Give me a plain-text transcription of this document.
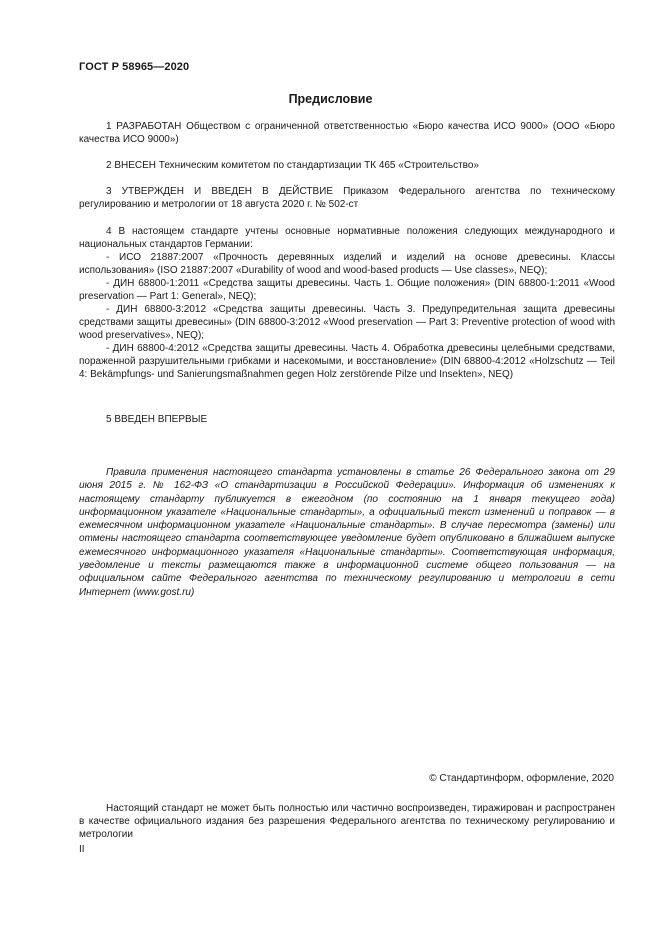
ГОСТ Р 58965—2020
Предисловие
1 РАЗРАБОТАН Обществом с ограниченной ответственностью «Бюро качества ИСО 9000» (ООО «Бюро качества ИСО 9000»)
2 ВНЕСЕН Техническим комитетом по стандартизации ТК 465 «Строительство»
3 УТВЕРЖДЕН И ВВЕДЕН В ДЕЙСТВИЕ Приказом Федерального агентства по техническому регулированию и метрологии от 18 августа 2020 г. № 502-ст

4 В настоящем стандарте учтены основные нормативные положения следующих международного и национальных стандартов Германии:

- ИСО 21887:2007 «Прочность деревянных изделий и изделий на основе древесины. Классы использования» (ISO 21887:2007 «Durability of wood and wood-based products — Use classes», NEQ);

- ДИН 68800-1:2011 «Средства защиты древесины. Часть 1. Общие положения» (DIN 68800-1:2011 «Wood preservation — Part 1: General», NEQ);

- ДИН 68800-3:2012 «Средства защиты древесины. Часть 3. Предупредительная защита древесины средствами защиты древесины» (DIN 68800-3:2012 «Wood preservation — Part 3: Preventive protection of wood with wood preservatives», NEQ);

- ДИН 68800-4:2012 «Средства защиты древесины. Часть 4. Обработка древесины целебными средствами, пораженной разрушительными грибками и насекомыми, и восстановление» (DIN 68800-4:2012 «Holzschutz — Teil 4: Bekämpfungs- und Sanierungsmaßnahmen gegen Holz zerstörende Pilze und Insekten», NEQ)

5 ВВЕДЕН ВПЕРВЫЕ
Правила применения настоящего стандарта установлены в статье 26 Федерального закона от 29 июня 2015 г. № 162-ФЗ «О стандартизации в Российской Федерации». Информация об изменениях к настоящему стандарту публикуется в ежегодном (по состоянию на 1 января текущего года) информационном указателе «Национальные стандарты», а официальный текст изменений и поправок — в ежемесячном информационном указателе «Национальные стандарты». В случае пересмотра (замены) или отмены настоящего стандарта соответствующее уведомление будет опубликовано в ближайшем выпуске ежемесячного информационного указателя «Национальные стандарты». Соответствующая информация, уведомление и тексты размещаются также в информационной системе общего пользования — на официальном сайте Федерального агентства по техническому регулированию и метрологии в сети Интернет (www.gost.ru)
© Стандартинформ, оформление, 2020
Настоящий стандарт не может быть полностью или частично воспроизведен, тиражирован и распространен в качестве официального издания без разрешения Федерального агентства по техническому регулированию и метрологии
II
